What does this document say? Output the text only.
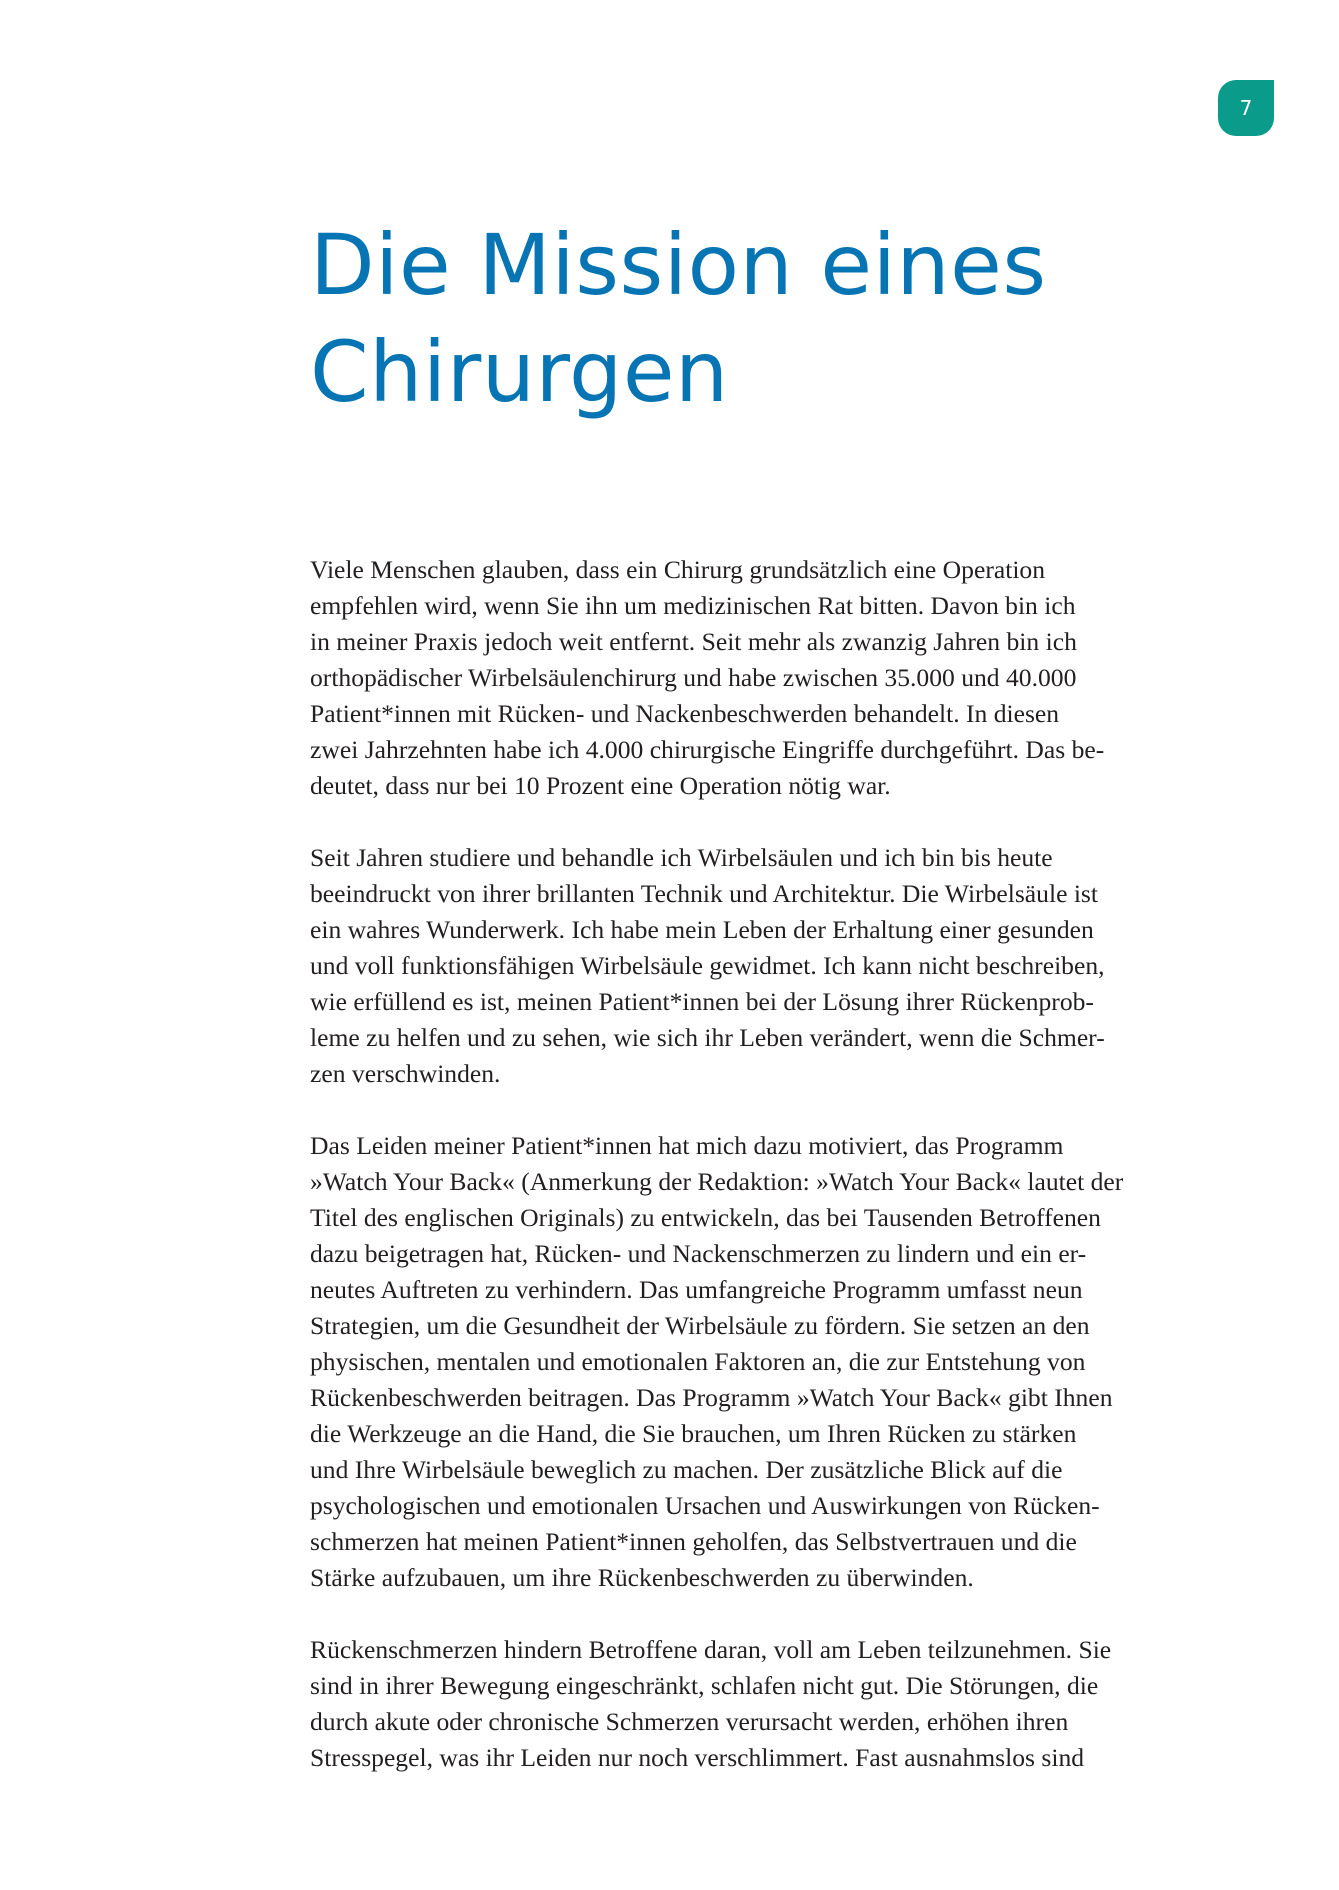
7
Die Mission eines
Chirurgen

Viele Menschen glauben, dass ein Chirurg grundsätzlich eine Operation
empfehlen wird, wenn Sie ihn um medizinischen Rat bitten. Davon bin ich
in meiner Praxis jedoch weit entfernt. Seit mehr als zwanzig Jahren bin ich
orthopädischer Wirbelsäulenchirurg und habe zwischen 35.000 und 40.000
Patient*innen mit Rücken- und Nackenbeschwerden behandelt. In diesen
zwei Jahrzehnten habe ich 4.000 chirurgische Eingriffe durchgeführt. Das be-
deutet, dass nur bei 10 Prozent eine Operation nötig war.

Seit Jahren studiere und behandle ich Wirbelsäulen und ich bin bis heute
beeindruckt von ihrer brillanten Technik und Architektur. Die Wirbelsäule ist
ein wahres Wunderwerk. Ich habe mein Leben der Erhaltung einer gesunden
und voll funktionsfähigen Wirbelsäule gewidmet. Ich kann nicht beschreiben,
wie erfüllend es ist, meinen Patient*innen bei der Lösung ihrer Rückenprob-
leme zu helfen und zu sehen, wie sich ihr Leben verändert, wenn die Schmer-
zen verschwinden.

Das Leiden meiner Patient*innen hat mich dazu motiviert, das Programm
»Watch Your Back« (Anmerkung der Redaktion: »Watch Your Back« lautet der
Titel des englischen Originals) zu entwickeln, das bei Tausenden Betroffenen
dazu beigetragen hat, Rücken- und Nackenschmerzen zu lindern und ein er-
neutes Auftreten zu verhindern. Das umfangreiche Programm umfasst neun
Strategien, um die Gesundheit der Wirbelsäule zu fördern. Sie setzen an den
physischen, mentalen und emotionalen Faktoren an, die zur Entstehung von
Rückenbeschwerden beitragen. Das Programm »Watch Your Back« gibt Ihnen
die Werkzeuge an die Hand, die Sie brauchen, um Ihren Rücken zu stärken
und Ihre Wirbelsäule beweglich zu machen. Der zusätzliche Blick auf die
psychologischen und emotionalen Ursachen und Auswirkungen von Rücken-
schmerzen hat meinen Patient*innen geholfen, das Selbstvertrauen und die
Stärke aufzubauen, um ihre Rückenbeschwerden zu überwinden.

Rückenschmerzen hindern Betroffene daran, voll am Leben teilzunehmen. Sie
sind in ihrer Bewegung eingeschränkt, schlafen nicht gut. Die Störungen, die
durch akute oder chronische Schmerzen verursacht werden, erhöhen ihren
Stresspegel, was ihr Leiden nur noch verschlimmert. Fast ausnahmslos sind
